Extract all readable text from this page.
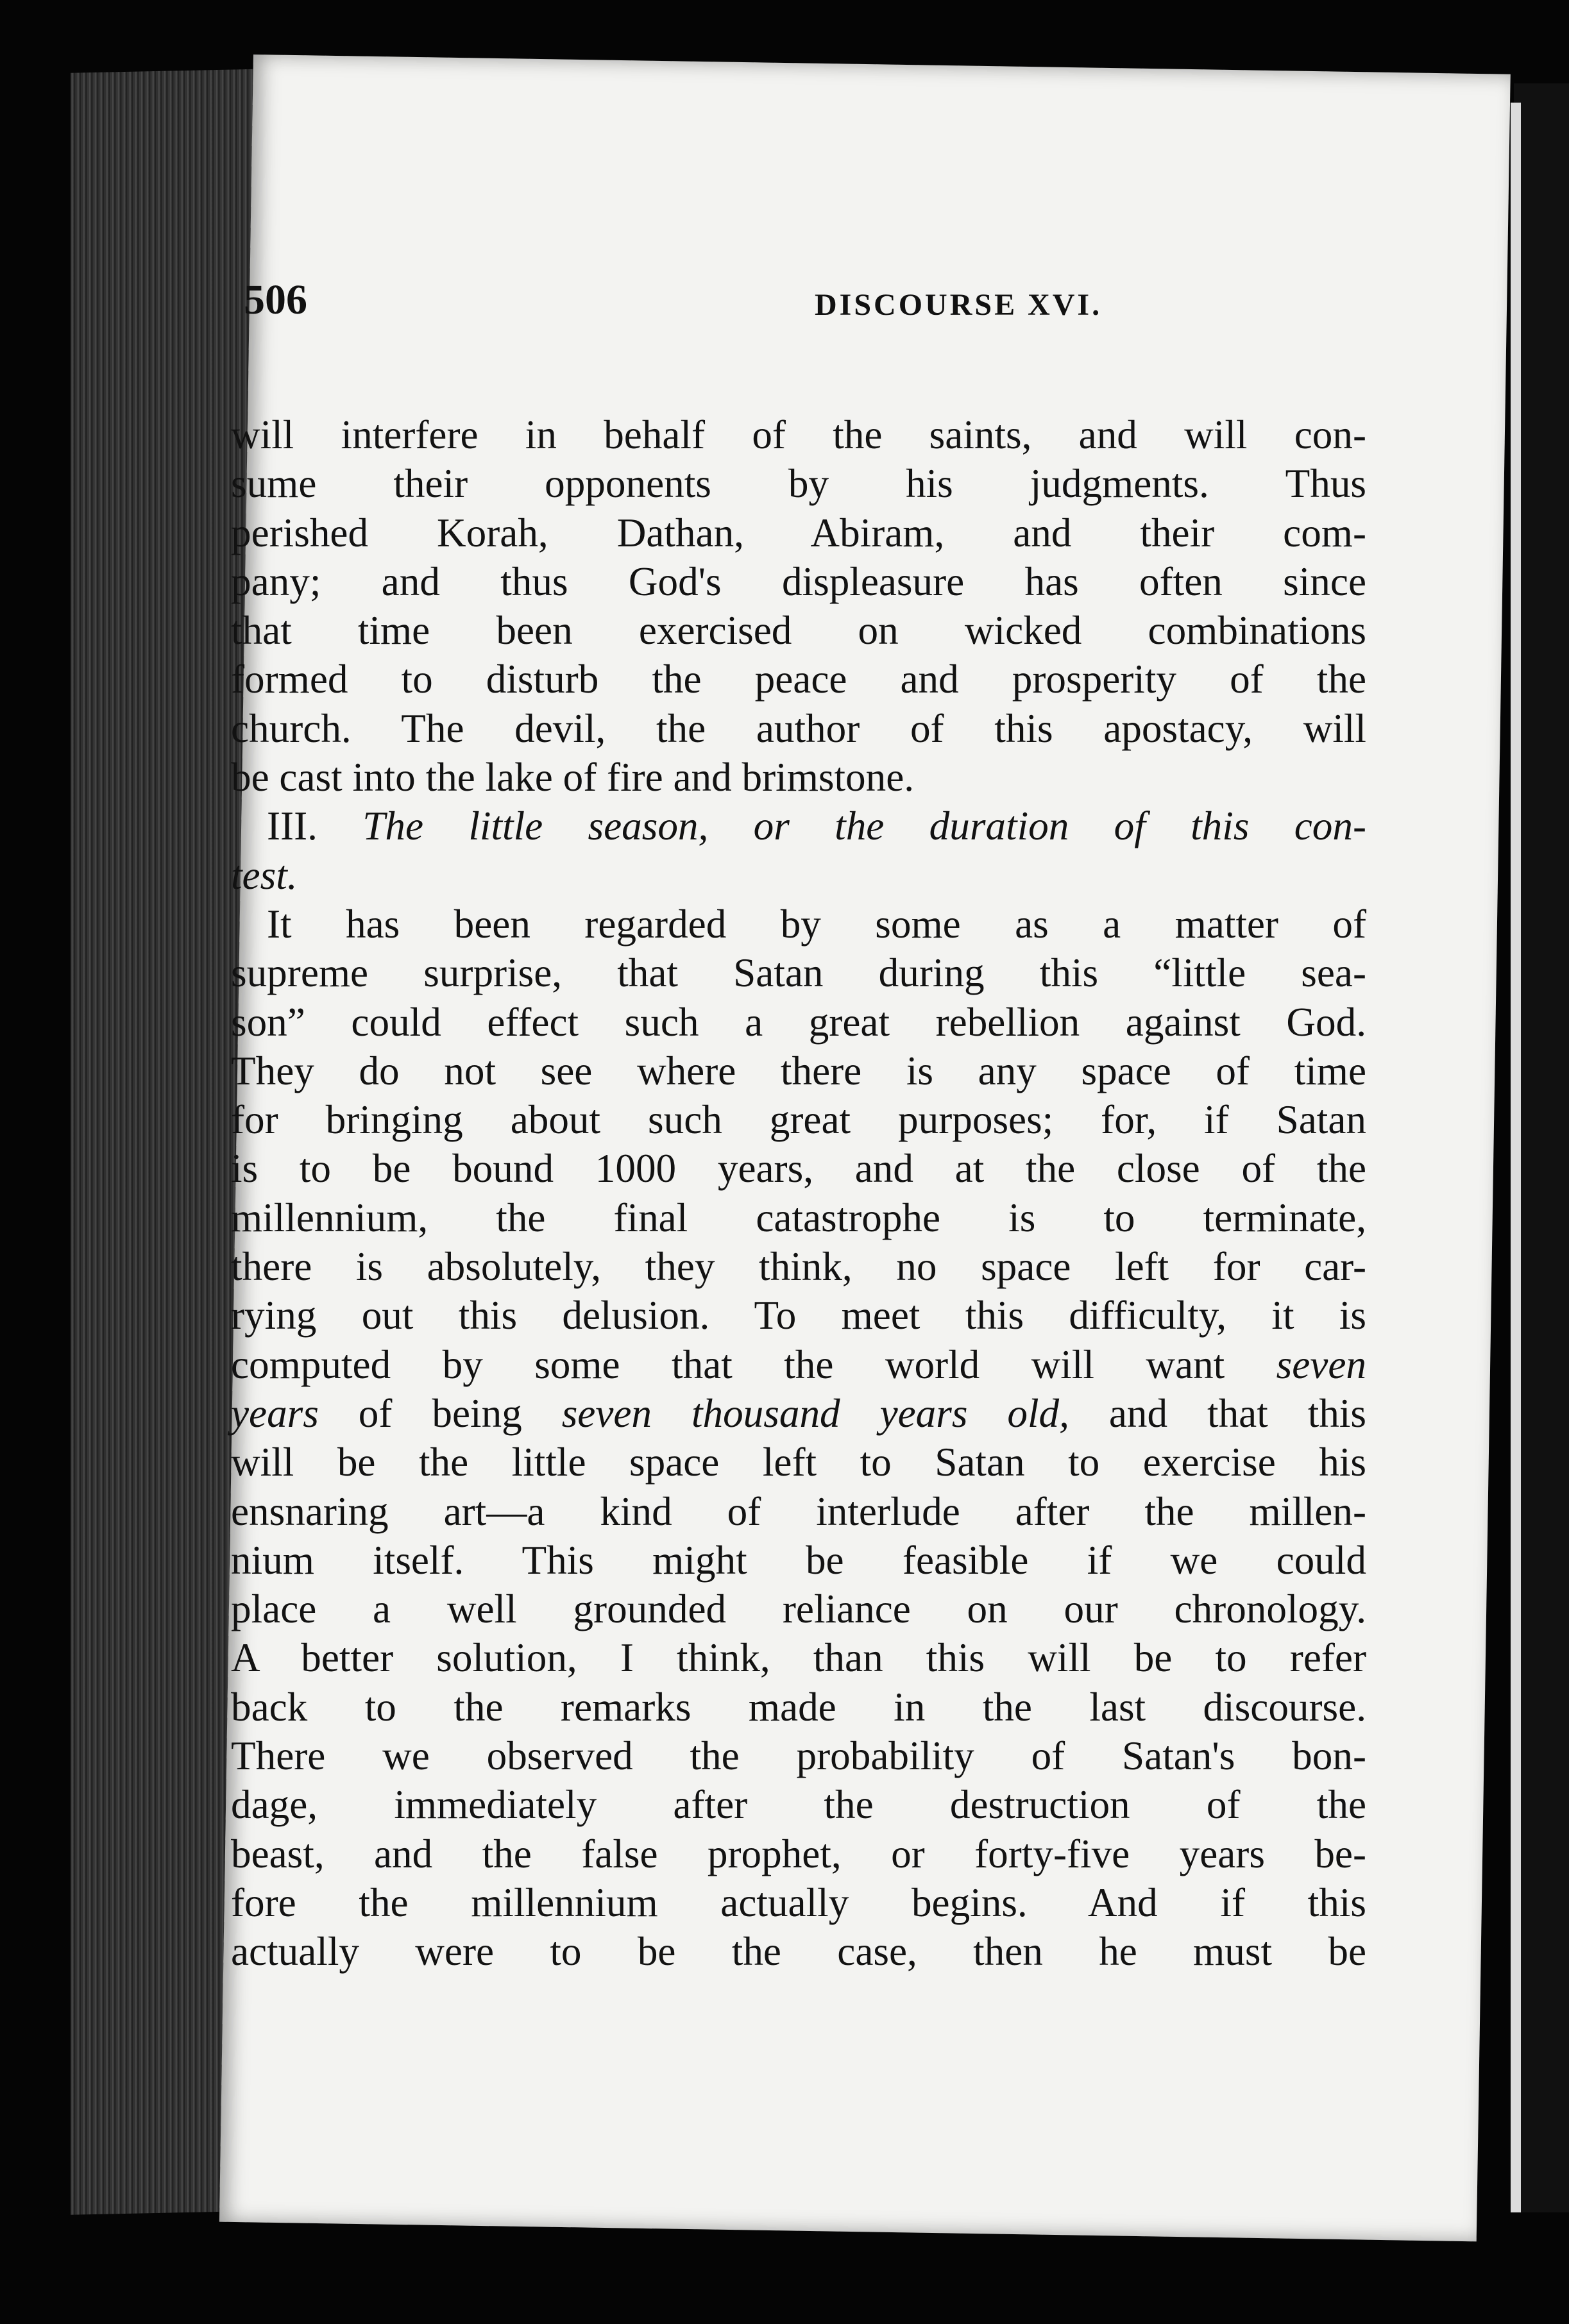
506	DISCOURSE XVI.
will interfere in behalf of the saints, and will con-
sume their opponents by his judgments. Thus
perished Korah, Dathan, Abiram, and their com-
pany; and thus God's displeasure has often since
that time been exercised on wicked combinations
formed to disturb the peace and prosperity of the
church. The devil, the author of this apostacy, will
be cast into the lake of fire and brimstone.
III. The little season, or the duration of this con-
test.
It has been regarded by some as a matter of
supreme surprise, that Satan during this “little sea-
son” could effect such a great rebellion against God.
They do not see where there is any space of time
for bringing about such great purposes; for, if Satan
is to be bound 1000 years, and at the close of the
millennium, the final catastrophe is to terminate,
there is absolutely, they think, no space left for car-
rying out this delusion. To meet this difficulty, it is
computed by some that the world will want seven
years of being seven thousand years old, and that this
will be the little space left to Satan to exercise his
ensnaring art—a kind of interlude after the millen-
nium itself. This might be feasible if we could
place a well grounded reliance on our chronology.
A better solution, I think, than this will be to refer
back to the remarks made in the last discourse.
There we observed the probability of Satan's bon-
dage, immediately after the destruction of the
beast, and the false prophet, or forty-five years be-
fore the millennium actually begins. And if this
actually were to be the case, then he must be
